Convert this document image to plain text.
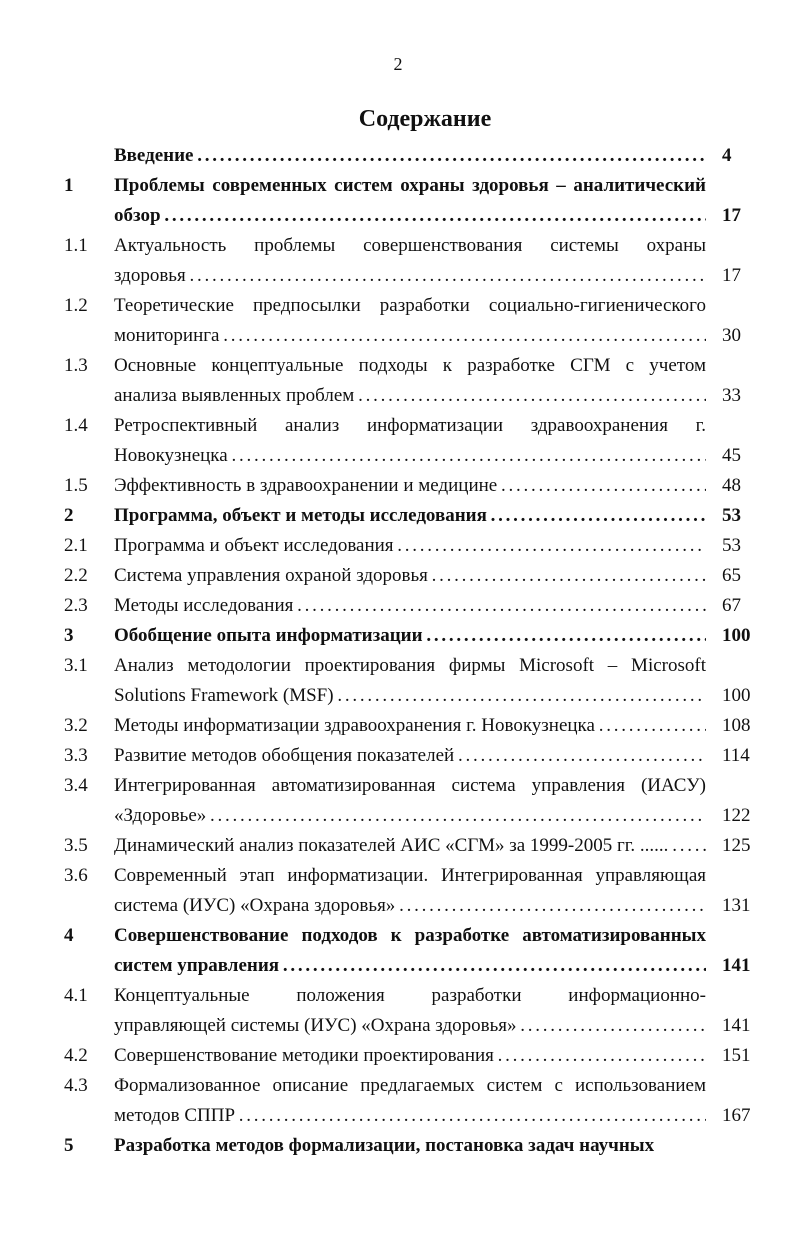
2
Содержание
Введение . . .	4
1 Проблемы современных систем охраны здоровья – аналитический
обзор . . .	17
1.1 Актуальность проблемы совершенствования системы охраны
здоровья . . .	17
1.2 Теоретические предпосылки разработки социально-гигиенического
мониторинга . . .	30
1.3 Основные концептуальные подходы к разработке СГМ с учетом
анализа выявленных проблем . . .	33
1.4 Ретроспективный анализ информатизации здравоохранения г.
Новокузнецка . . .	45
1.5 Эффективность в здравоохранении и медицине . . .	48
2 Программа, объект и методы исследования . . .	53
2.1 Программа и объект исследования . . .	53
2.2 Система управления охраной здоровья . . .	65
2.3 Методы исследования . . .	67
3 Обобщение опыта информатизации . . .	100
3.1 Анализ методологии проектирования фирмы Microsoft – Microsoft
Solutions Framework (MSF) . . .	100
3.2 Методы информатизации здравоохранения г. Новокузнецка . . .	108
3.3 Развитие методов обобщения показателей . . .	114
3.4 Интегрированная автоматизированная система управления (ИАСУ)
«Здоровье» . . .	122
3.5 Динамический анализ показателей АИС «СГМ» за 1999-2005 гг. ...... . . .	125
3.6 Современный этап информатизации. Интегрированная управляющая
система (ИУС) «Охрана здоровья» . . .	131
4 Совершенствование подходов к разработке автоматизированных
систем управления . . .	141
4.1 Концептуальные положения разработки информационно-
управляющей системы (ИУС) «Охрана здоровья» . . .	141
4.2 Совершенствование методики проектирования . . .	151
4.3 Формализованное описание предлагаемых систем с использованием
методов СППР . . .	167
5 Разработка методов формализации, постановка задач научных
